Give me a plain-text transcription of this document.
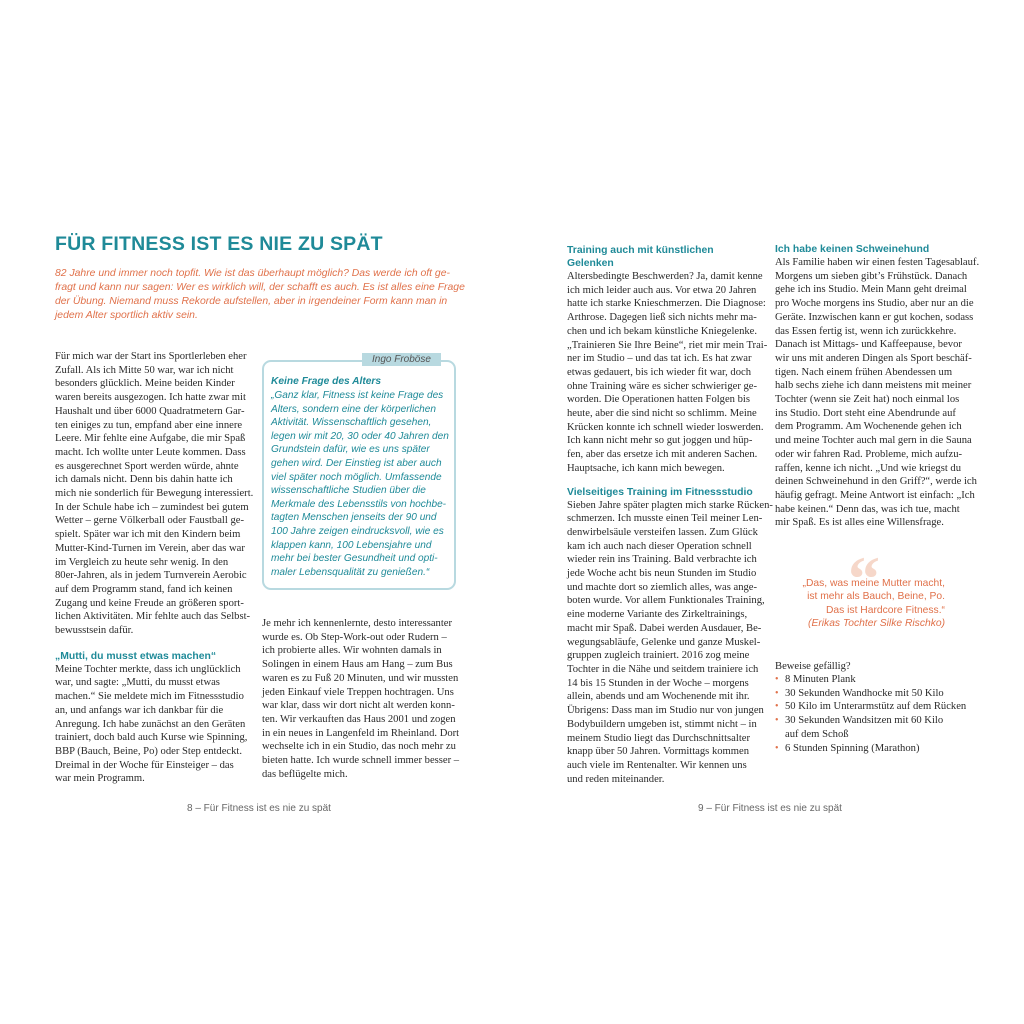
FÜR FITNESS IST ES NIE ZU SPÄT
82 Jahre und immer noch topfit. Wie ist das überhaupt möglich? Das werde ich oft ge-
fragt und kann nur sagen: Wer es wirklich will, der schafft es auch. Es ist alles eine Frage
der Übung. Niemand muss Rekorde aufstellen, aber in irgendeiner Form kann man in
jedem Alter sportlich aktiv sein.

Für mich war der Start ins Sportlerleben eher
Zufall. Als ich Mitte 50 war, war ich nicht
besonders glücklich. Meine beiden Kinder
waren bereits ausgezogen. Ich hatte zwar mit
Haushalt und über 6000 Quadratmetern Gar-
ten einiges zu tun, empfand aber eine innere
Leere. Mir fehlte eine Aufgabe, die mir Spaß
macht. Ich wollte unter Leute kommen. Dass
es ausgerechnet Sport werden würde, ahnte
ich damals nicht. Denn bis dahin hatte ich
mich nie sonderlich für Bewegung interessiert.
In der Schule habe ich – zumindest bei gutem
Wetter – gerne Völkerball oder Faustball ge-
spielt. Später war ich mit den Kindern beim
Mutter-Kind-Turnen im Verein, aber das war
im Vergleich zu heute sehr wenig. In den
80er-Jahren, als in jedem Turnverein Aerobic
auf dem Programm stand, fand ich keinen
Zugang und keine Freude an größeren sport-
lichen Aktivitäten. Mir fehlte auch das Selbst-
bewusstsein dafür.

„Mutti, du musst etwas machen“

Meine Tochter merkte, dass ich unglücklich
war, und sagte: „Mutti, du musst etwas
machen.“ Sie meldete mich im Fitnessstudio
an, und anfangs war ich dankbar für die
Anregung. Ich habe zunächst an den Geräten
trainiert, doch bald auch Kurse wie Spinning,
BBP (Bauch, Beine, Po) oder Step entdeckt.
Dreimal in der Woche für Einsteiger – das
war mein Programm.

Ingo Froböse
Keine Frage des Alters
„Ganz klar, Fitness ist keine Frage des
Alters, sondern eine der körperlichen
Aktivität. Wissenschaftlich gesehen,
legen wir mit 20, 30 oder 40 Jahren den
Grundstein dafür, wie es uns später
gehen wird. Der Einstieg ist aber auch
viel später noch möglich. Umfassende
wissenschaftliche Studien über die
Merkmale des Lebensstils von hochbe-
tagten Menschen jenseits der 90 und
100 Jahre zeigen eindrucksvoll, wie es
klappen kann, 100 Lebensjahre und
mehr bei bester Gesundheit und opti-
maler Lebensqualität zu genießen.“

Je mehr ich kennenlernte, desto interessanter
wurde es. Ob Step-Work-out oder Rudern –
ich probierte alles. Wir wohnten damals in
Solingen in einem Haus am Hang – zum Bus
waren es zu Fuß 20 Minuten, und wir mussten
jeden Einkauf viele Treppen hochtragen. Uns
war klar, dass wir dort nicht alt werden konn-
ten. Wir verkauften das Haus 2001 und zogen
in ein neues in Langenfeld im Rheinland. Dort
wechselte ich in ein Studio, das noch mehr zu
bieten hatte. Ich wurde schnell immer besser –
das beflügelte mich.

8 – Für Fitness ist es nie zu spät
Training auch mit künstlichen
Gelenken

Altersbedingte Beschwerden? Ja, damit kenne
ich mich leider auch aus. Vor etwa 20 Jahren
hatte ich starke Knieschmerzen. Die Diagnose:
Arthrose. Dagegen ließ sich nichts mehr ma-
chen und ich bekam künstliche Kniegelenke.
„Trainieren Sie Ihre Beine“, riet mir mein Trai-
ner im Studio – und das tat ich. Es hat zwar
etwas gedauert, bis ich wieder fit war, doch
ohne Training wäre es sicher schwieriger ge-
worden. Die Operationen hatten Folgen bis
heute, aber die sind nicht so schlimm. Meine
Krücken konnte ich schnell wieder loswerden.
Ich kann nicht mehr so gut joggen und hüp-
fen, aber das ersetze ich mit anderen Sachen.
Hauptsache, ich kann mich bewegen.

Vielseitiges Training im Fitnessstudio

Sieben Jahre später plagten mich starke Rücken-
schmerzen. Ich musste einen Teil meiner Len-
denwirbelsäule versteifen lassen. Zum Glück
kam ich auch nach dieser Operation schnell
wieder rein ins Training. Bald verbrachte ich
jede Woche acht bis neun Stunden im Studio
und machte dort so ziemlich alles, was ange-
boten wurde. Vor allem Funktionales Training,
eine moderne Variante des Zirkeltrainings,
macht mir Spaß. Dabei werden Ausdauer, Be-
wegungsabläufe, Gelenke und ganze Muskel-
gruppen zugleich trainiert. 2016 zog meine
Tochter in die Nähe und seitdem trainiere ich
14 bis 15 Stunden in der Woche – morgens
allein, abends und am Wochenende mit ihr.
Übrigens: Dass man im Studio nur von jungen
Bodybuildern umgeben ist, stimmt nicht – in
meinem Studio liegt das Durchschnittsalter
knapp über 50 Jahren. Vormittags kommen
auch viele im Rentenalter. Wir kennen uns
und reden miteinander.

Ich habe keinen Schweinehund

Als Familie haben wir einen festen Tagesablauf.
Morgens um sieben gibt’s Frühstück. Danach
gehe ich ins Studio. Mein Mann geht dreimal
pro Woche morgens ins Studio, aber nur an die
Geräte. Inzwischen kann er gut kochen, sodass
das Essen fertig ist, wenn ich zurückkehre.
Danach ist Mittags- und Kaffeepause, bevor
wir uns mit anderen Dingen als Sport beschäf-
tigen. Nach einem frühen Abendessen um
halb sechs ziehe ich dann meistens mit meiner
Tochter (wenn sie Zeit hat) noch einmal los
ins Studio. Dort steht eine Abendrunde auf
dem Programm. Am Wochenende gehen ich
und meine Tochter auch mal gern in die Sauna
oder wir fahren Rad. Probleme, mich aufzu-
raffen, kenne ich nicht. „Und wie kriegst du
deinen Schweinehund in den Griff?“, werde ich
häufig gefragt. Meine Antwort ist einfach: „Ich
habe keinen.“ Denn das, was ich tue, macht
mir Spaß. Es ist alles eine Willensfrage.

“
„Das, was meine Mutter macht,
ist mehr als Bauch, Beine, Po.
Das ist Hardcore Fitness.“
(Erikas Tochter Silke Rischko)
Beweise gefällig?
• 8 Minuten Plank
• 30 Sekunden Wandhocke mit 50 Kilo
• 50 Kilo im Unterarmstütz auf dem Rücken
• 30 Sekunden Wandsitzen mit 60 Kilo
auf dem Schoß
• 6 Stunden Spinning (Marathon)
9 – Für Fitness ist es nie zu spät
